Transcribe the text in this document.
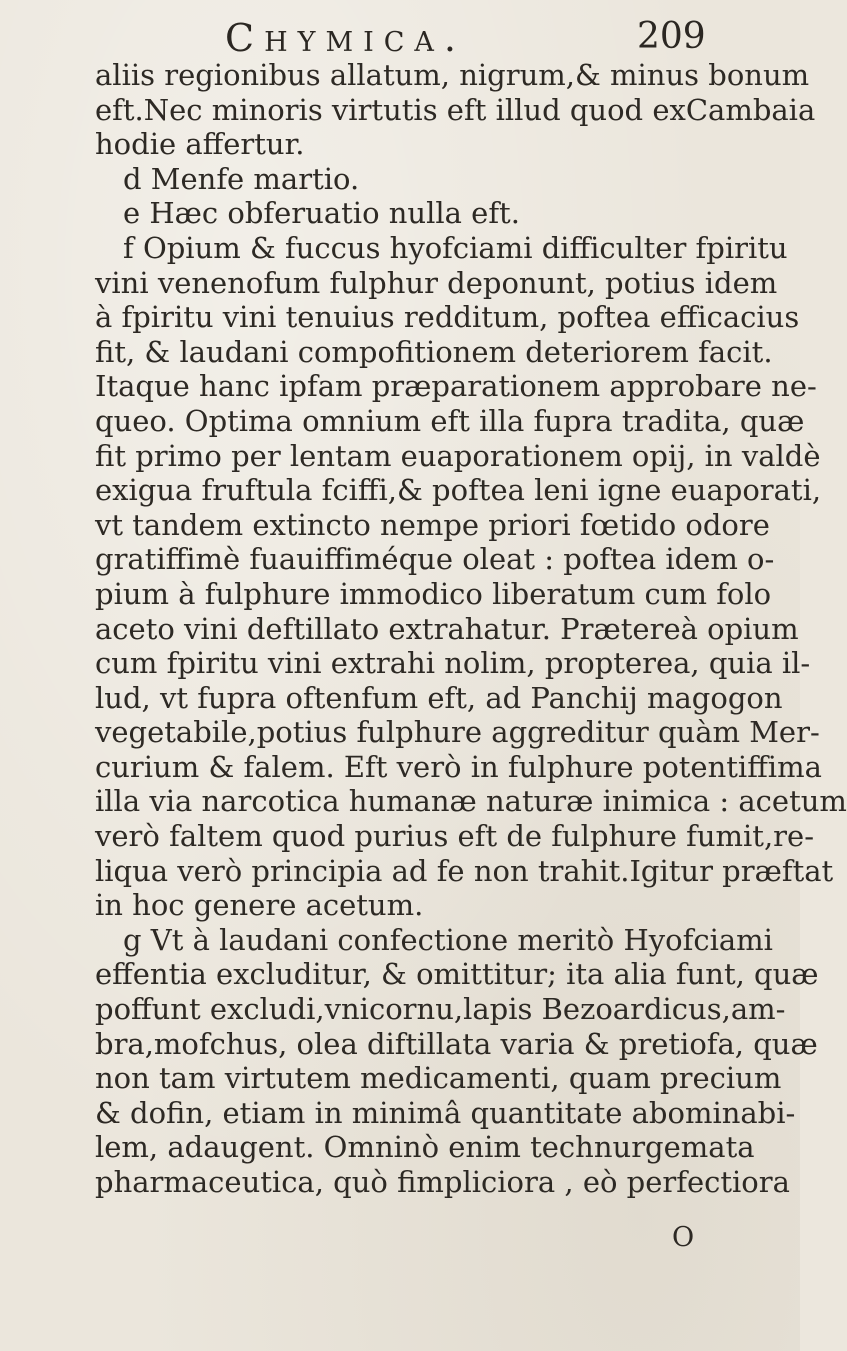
Chymica.	209
aliis regionibus allatum, nigrum,& minus bonum
eft.Nec minoris virtutis eft illud quod exCambaia
hodie affertur.
d Menfe martio.
e Hæc obferuatio nulla eft.
f Opium & fuccus hyofciami difficulter fpiritu
vini venenofum fulphur deponunt, potius idem
à fpiritu vini tenuius redditum, poftea efficacius
fit, & laudani compofitionem deteriorem facit.
Itaque hanc ipfam præparationem approbare ne-
queo. Optima omnium eft illa fupra tradita, quæ
fit primo per lentam euaporationem opij, in valdè
exigua fruftula fciffi,& poftea leni igne euaporati,
vt tandem extincto nempe priori fœtido odore
gratiffimè fuauiffiméque oleat : poftea idem o-
pium à fulphure immodico liberatum cum folo
aceto vini deftillato extrahatur. Prætereà opium
cum fpiritu vini extrahi nolim, propterea, quia il-
lud, vt fupra oftenfum eft, ad Panchij magogon
vegetabile,potius fulphure aggreditur quàm Mer-
curium & falem. Eft verò in fulphure potentiffima
illa via narcotica humanæ naturæ inimica : acetum
verò faltem quod purius eft de fulphure fumit,re-
liqua verò principia ad fe non trahit.Igitur præftat
in hoc genere acetum.
g Vt à laudani confectione meritò Hyofciami
effentia excluditur, & omittitur; ita alia funt, quæ
poffunt excludi,vnicornu,lapis Bezoardicus,am-
bra,mofchus, olea diftillata varia & pretiofa, quæ
non tam virtutem medicamenti, quam precium
& dofin, etiam in minimâ quantitate abominabi-
lem, adaugent. Omninò enim technurgemata
pharmaceutica, quò fimpliciora , eò perfectiora
O
